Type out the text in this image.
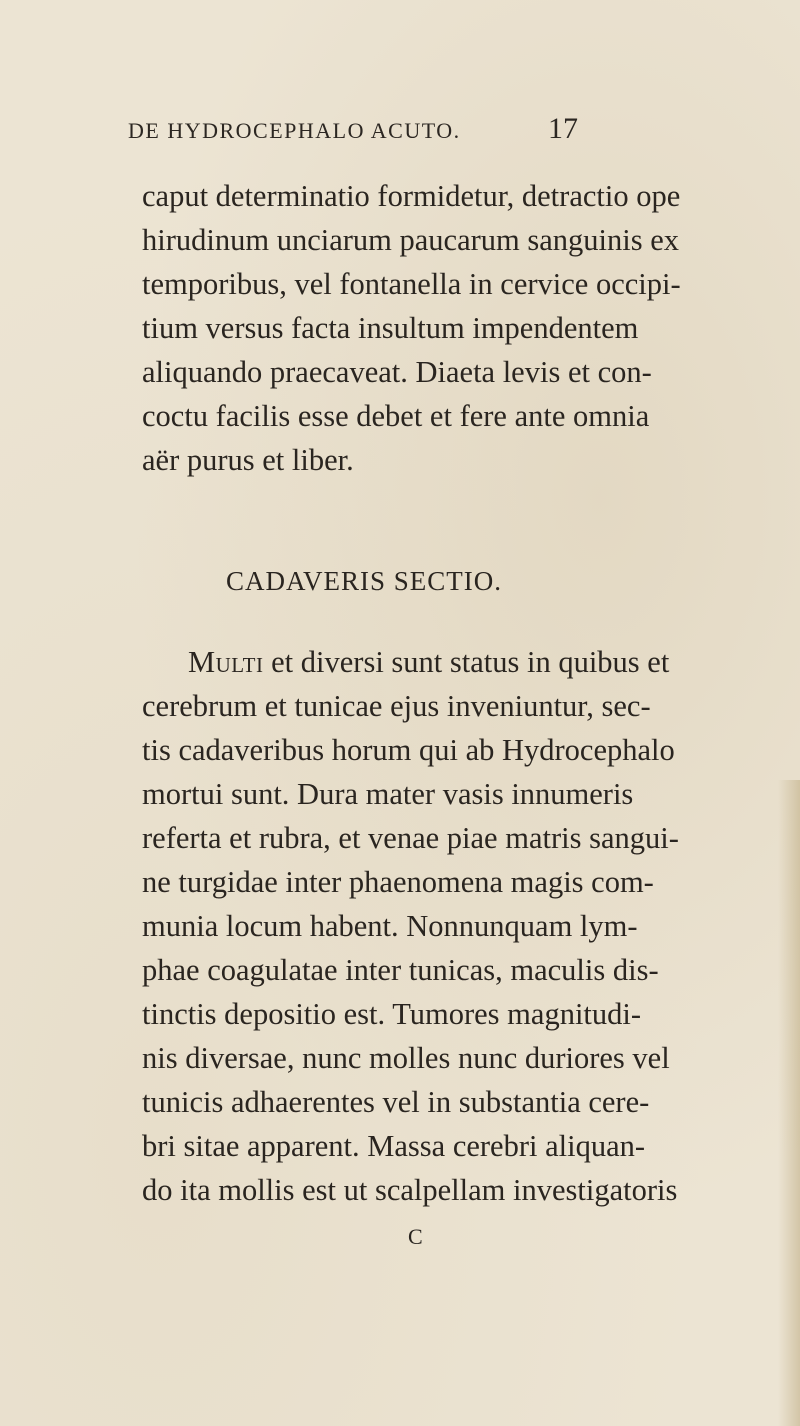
DE HYDROCEPHALO ACUTO.	17
caput determinatio formidetur, detractio ope
hirudinum unciarum paucarum sanguinis ex
temporibus, vel fontanella in cervice occipi-
tium versus facta insultum impendentem
aliquando praecaveat. Diaeta levis et con-
coctu facilis esse debet et fere ante omnia
aër purus et liber.
CADAVERIS SECTIO.
Multi et diversi sunt status in quibus et
cerebrum et tunicae ejus inveniuntur, sec-
tis cadaveribus horum qui ab Hydrocephalo
mortui sunt. Dura mater vasis innumeris
referta et rubra, et venae piae matris sangui-
ne turgidae inter phaenomena magis com-
munia locum habent. Nonnunquam lym-
phae coagulatae inter tunicas, maculis dis-
tinctis depositio est. Tumores magnitudi-
nis diversae, nunc molles nunc duriores vel
tunicis adhaerentes vel in substantia cere-
bri sitae apparent. Massa cerebri aliquan-
do ita mollis est ut scalpellam investigatoris
C
